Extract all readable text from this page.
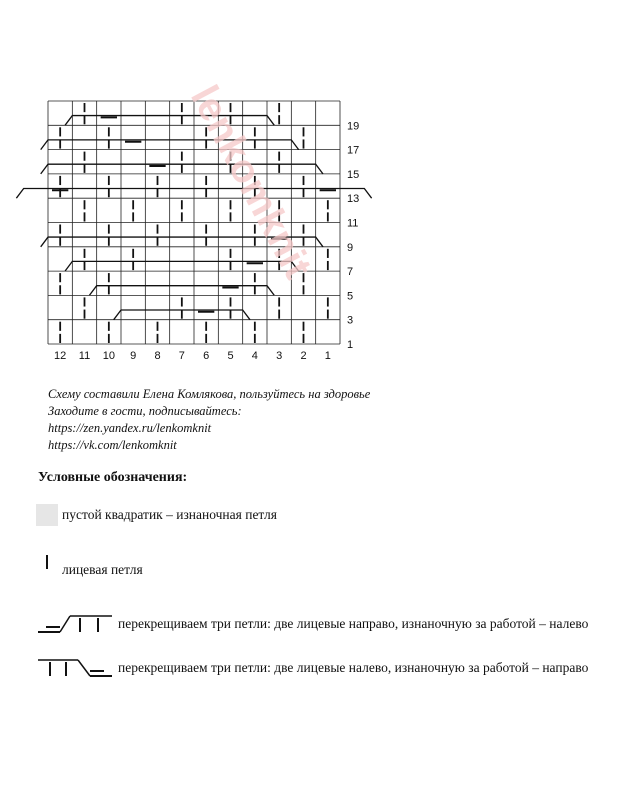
19
17
15
13
11
9
7
5
3
1
12 11 10 9 8 7 6 5 4 3 2 1
lenkomknit
Схему составили Елена Комлякова, пользуйтесь на здоровье
Заходите в гости, подписывайтесь:
https://zen.yandex.ru/lenkomknit
https://vk.com/lenkomknit
Условные обозначения:
пустой квадратик – изнаночная петля
лицевая петля
перекрещиваем три петли: две лицевые направо, изнаночную за работой – налево
перекрещиваем три петли: две лицевые налево, изнаночную за работой – направо
